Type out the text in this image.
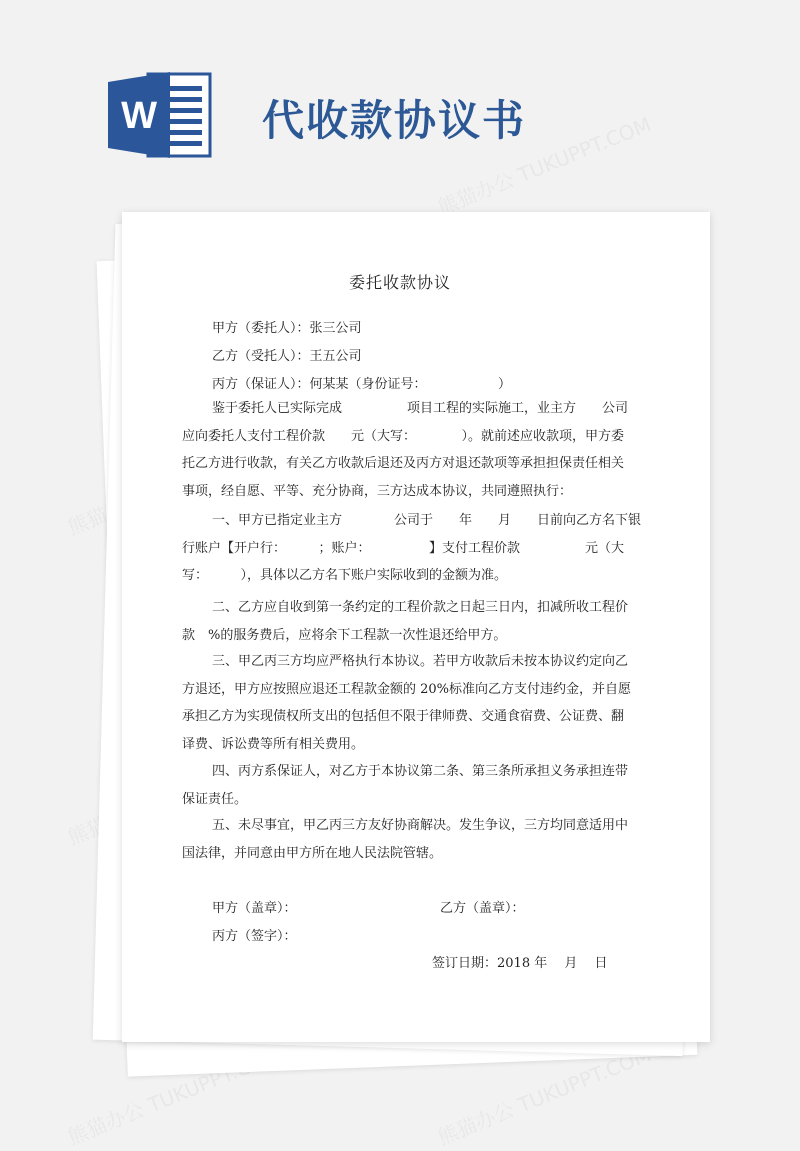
W	代收款协议书
委托收款协议
甲方（委托人）：张三公司
乙方（受托人）：王五公司
丙方（保证人）：何某某（身份证号：　　　　　　）
鉴于委托人已实际完成　　　　　项目工程的实际施工，业主方　　公司
应向委托人支付工程价款　　元（大写：　　　　）。就前述应收款项，甲方委
托乙方进行收款，有关乙方收款后退还及丙方对退还款项等承担担保责任相关
事项，经自愿、平等、充分协商，三方达成本协议，共同遵照执行：
一、甲方已指定业主方　　　　公司于　　年　　月　　日前向乙方名下银
行账户【开户行：　　　；账户：　　　　　】支付工程价款　　　　　元（大
写：　　　），具体以乙方名下账户实际收到的金额为准。
二、乙方应自收到第一条约定的工程价款之日起三日内，扣减所收工程价
款　%的服务费后，应将余下工程款一次性退还给甲方。
三、甲乙丙三方均应严格执行本协议。若甲方收款后未按本协议约定向乙
方退还，甲方应按照应退还工程款金额的 20%标准向乙方支付违约金，并自愿
承担乙方为实现债权所支出的包括但不限于律师费、交通食宿费、公证费、翻
译费、诉讼费等所有相关费用。
四、丙方系保证人，对乙方于本协议第二条、第三条所承担义务承担连带
保证责任。
五、未尽事宜，甲乙丙三方友好协商解决。发生争议，三方均同意适用中
国法律，并同意由甲方所在地人民法院管辖。
甲方（盖章）：	乙方（盖章）：
丙方（签字）：
签订日期：2018 年　 月　 日
